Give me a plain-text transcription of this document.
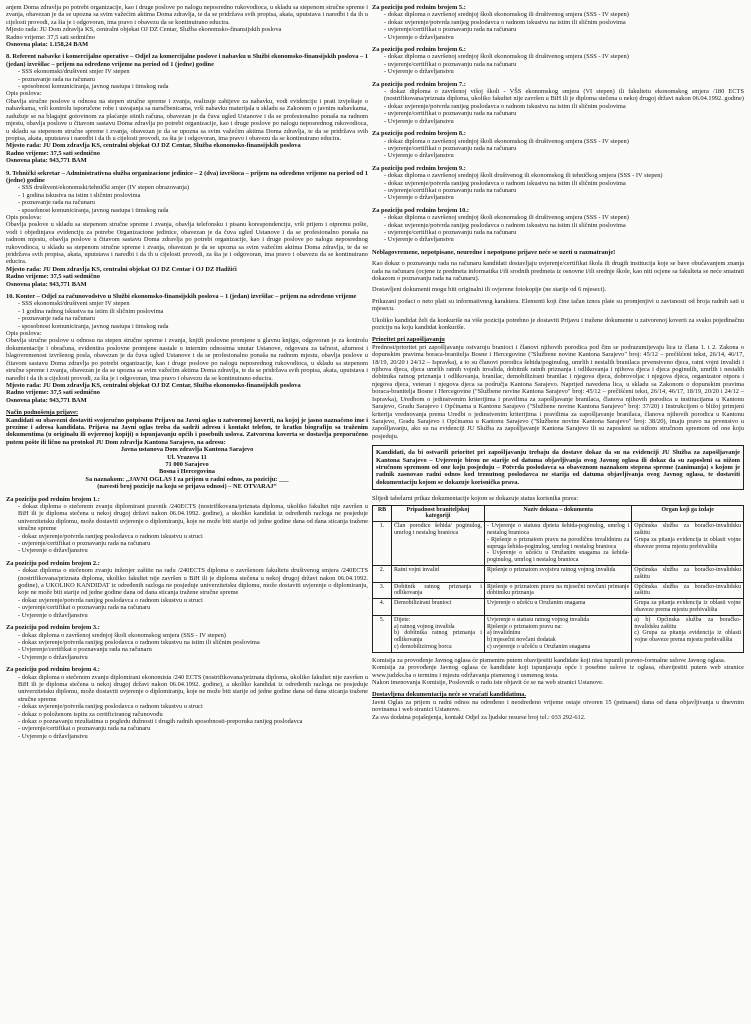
anjem Doma zdravlja po potrebi organizacije, kao i druge poslove po nalogu neposredno rukovodioca, u skladu sa stepenom stručne spreme i zvanja, obavezan je da se upozna sa svim važećim aktima Doma zdravlja, te da se pridržava svih propisa, akata, uputstava i naredbi i da ih u cijelosti provodi, za šta je i odgovoran, ima pravo i obavezu da se kontinuirano educira.

Mjesto rada: JU Dom zdravlja KS, centralni objekat OJ DZ Centar, Služba ekonomsko-finansijskih poslova

Radno vrijeme: 37,5 sati sedmično

Osnovna plata: 1.158,24 BAM

8. Referent nabavke i komercijalne operative – Odjel za komercijalne poslove i nabavku u Službi ekonomsko-finansijskih poslova – 1 (jedan) izvršilac – prijem na određeno vrijeme na period od 1 (jedne) godine

- SSS ekonomski/društveni smjer IV stepen
- poznavanje rada na računaru
- sposobnost komuniciranja, javnog nastupa i timskog rada

Opis poslova:

Obavlja stručne poslove u odnosu na stepen stručne spreme i zvanja, realizuje zahtjeve za nabavku, vodi evidenciju i prati izvještaje o nabavkama, vrši kontrolu isporučene robe i usvajanja sa naručbenicama, vrši nabavku materijala u skladu sa Zakonom o javnim nabavkama, zadužuje se na blagajni gotovinom za plaćanje sitnih računa, obavezan je da čuva ugled Ustanove i da se profesionalno ponaša na radnom mjestu, obavlja poslove u čitavom sastavu Doma zdravlja po potrebi organizacije, kao i druge poslove po nalogu neposrednog rukovodioca, u skladu sa stepenom stručne spreme i zvanja, obavezan je da se upozna sa svim važećim aktima Doma zdravlja, te da se pridržava svih propisa, akata, uputstava i naredbi i da ih u cijelosti provodi, za šta je i odgovoran, ima pravo i obavezu da se kontinuirano educira.

Mjesto rada: JU Dom zdravlja KS, centralni objekat OJ DZ Centar, Služba ekonomsko-finansijskih poslova

Radno vrijeme: 37,5 sati sedmično

Osnovna plata: 943,771 BAM

9. Tehnički sekretar – Administrativna služba organizacione jedinice – 2 (dva) izvršioca – prijem na određeno vrijeme na period od 1 (jedne) godine

- SSS društveni/ekonomski/tehnički smjer (IV stepen obrazovanja)
- 1 godina iskustva na istim i sličnim poslovima
- poznavanje rada na računaru
- sposobnost komuniciranja, javnog nastupa i timskog rada

Opis poslova:

Obavlja poslove u skladu sa stepenom stručne spreme i zvanja, obavlja telefonsku i pisanu korespondenciju, vrši prijem i otpremu pošte, vodi i objedinjava evidenciju za potrebe Organizacione jedinice, obavezan je da čuva ugled Ustanove i da se profesionalno ponaša na radnom mjestu, obavlja poslove u čitavom sastavu Doma zdravlja po potrebi organizacije, kao i druge poslove po nalogu neposrednog rukovodioca, u skladu sa stepenom stručne spreme i zvanja, obavezan je da se upozna sa svim važećim aktima Doma zdravlja, te da se pridržava svih propisa, akata, uputstava i naredbi i da ih u cijelosti provodi, za šta je i odgovoran, ima pravo i obavezu da se kontinuirano educira.

Mjesto rada: JU Dom zdravlja KS, centralni objekat OJ DZ Centar i OJ DZ Hadžići

Radno vrijeme: 37,5 sati sedmično

Osnovna plata: 943,771 BAM

10. Konter – Odjel za računovodstvo u Službi ekonomsko-finansijskih poslova – 1 (jedan) izvršilac – prijem na određeno vrijeme

- SSS ekonomski/društveni smjer IV stepen
- 1 godina radnog iskustva na istim ili sličnim poslovima
- poznavanje rada na računaru
- sposobnost komuniciranja, javnog nastupa i timskog rada

Opis poslova:

Obavlja stručne poslove u odnosu na stepen stručne spreme i zvanja, knjiži poslovne promjene u glavnu knjigu, odgovoran je za kontrolu dokumentacije i obračuna, evidentira poslovne promjene nastale u internim odnosima unutar Ustanove, odgovara za tačnost, ažurnost i blagovremenost izvršenog posla, obavezan je da čuva ugled Ustanove i da se profesionalno ponaša na radnom mjestu, obavlja poslove u čitavom sastavu Doma zdravlja po potrebi organizacije, kao i druge poslove po nalogu neposrednog rukovodioca, u skladu sa stepenom stručne spreme i zvanja, obavezan je da se upozna sa svim važećim aktima Doma zdravlja, te da se pridržava svih propisa, akata, uputstava i naredbi i da ih u cijelosti provodi, za šta je i odgovoran, ima pravo i obavezu da se kontinuirano educira.

Mjesto rada: JU Dom zdravlja KS, centralni objekat OJ DZ Centar, Služba ekonomsko-finansijskih poslova

Radno vrijeme: 37,5 sati sedmično

Osnovna plata: 943,771 BAM

Način podnošenja prijave:

Kandidati su obavezni dostaviti svojeručno potpisanu Prijavu na Javni oglas u zatvorenoj koverti, na kojoj je jasno naznačeno ime i prezime i adresa kandidata. Prijava na Javni oglas treba da sadrži adresu i kontakt telefon, te kratku biografiju sa traženim dokumentima (u originalu ili ovjerenoj kopiji) o ispunjavanju općih i posebnih uslova. Zatvorena koverta se dostavlja preporučeno putem pošte ili lično na protokol JU Dom zdravlja Kantona Sarajevo, na adresu:

Javna ustanova Dom zdravlja Kantona Sarajevo

Ul. Vrazova 11

71 000 Sarajevo

Bosna i Hercegovina

Sa naznakom: „JAVNI OGLAS I za prijem u radni odnos, za poziciju: ___

(navesti broj pozicije na koju se prijava odnosi) – NE OTVARAJ“

Za poziciju pod rednim brojem 1.:

- dokaz diploma o stečenom zvanju diplomirani pravnik /240ECTS (nostrifikovana/priznata diploma, ukoliko fakultet nije završen u BiH ili je diploma stečena u nekoj drugoj državi nakon 06.04.1992. godine), a ukoliko kandidat iz određenih razloga ne posjeduje univerzitetsku diplomu, može dostaviti uvjerenje o diplomiranju, koje ne može biti starije od jedne godine dana od dana sticanja tražene stručne spreme
- dokaz uvjerenje/potvrda ranijeg poslodavca o radnom iskustvu u struci
- uvjerenje/certifikat o poznavanju rada na računaru
- Uvjerenje o državljanstvu

Za poziciju pod rednim brojem 2.:

- dokaz diploma o stečenom zvanju inženjer zaštite na radu /240ECTS diploma o završenom fakultetu društvenog smjera /240ECTS (nostrifikovana/priznata diploma, ukoliko fakultet nije završen u BiH ili je diploma stečena u nekoj drugoj državi nakon 06.04.1992. godine), a UKOLIKO KANDIDAT iz određenih razloga ne posjeduje univerzitetsku diplomu, može dostaviti uvjerenje o diplomiranju, koje ne može biti starije od jedne godine dana od dana sticanja tražene stručne spreme
- dokaz uvjerenje/potvrda ranijeg poslodavca o radnom iskustvu u struci
- uvjerenje/certifikat o poznavanju rada na računaru
- Uvjerenje o državljanstvu

Za poziciju pod rednim brojem 3.:

- dokaz diploma o završenoj srednjoj školi ekonomskog smjera (SSS - IV stepen)
- dokaz uvjerenje/potvrda ranijeg poslodavca o radnom iskustvu na istim ili sličnim poslovima
- Uvjerenje/certifikat o poznavanju rada na računaru
- Uvjerenje o državljanstvu

Za poziciju pod rednim brojem 4.:

- dokaz diploma o stečenom zvanju diplomirani ekonomista /240 ECTS (nostrifikovana/priznata diploma, ukoliko fakultet nije završen u BiH ili je diploma stečena u nekoj drugoj državi nakon 06.04.1992. godine), a ukoliko kandidat iz određenih razloga ne posjeduje univerzitetsku diplomu, može dostaviti uvjerenje o diplomiranju, koje ne može biti starije od jedne godine dana od dana sticanja tražene stručne spreme
- dokaz uvjerenje/potvrda ranijeg poslodavca o radnom iskustvu u struci
- dokaz o položenom ispitu za certificiranog računovođu
- dokaz o poznavanju rezultatima u pogledu dužnosti i drugih radnih sposobnosti-preporuka ranijeg poslodavca
- uvjerenje/certifikat o poznavanju rada na računaru
- Uvjerenje o državljanstvu

Za poziciju pod rednim brojem 5.:

- dokaz diploma o završenoj srednjoj školi ekonomskog ili društvenog smjera (SSS - IV stepen)
- dokaz uvjerenje/potvrda ranijeg poslodavca o radnom iskustvu na istim ili sličnim poslovima
- uvjerenje/certifikat o poznavanju rada na računaru
- Uvjerenje o državljanstvu

Za poziciju pod rednim brojem 6.:

- dokaz diploma o završenoj srednjoj školi ekonomskog ili društvenog smjera (SSS - IV stepen)
- uvjerenje/certifikat o poznavanju rada na računaru
- Uvjerenje o državljanstvu

Za poziciju pod rednim brojem 7.:

- dokaz diploma o završenoj višoj školi - VŠS ekonomskog smjera (VI stepen) ili fakultetu ekonomskog smjera /180 ECTS (nostrifikovana/priznata diploma, ukoliko fakultet nije završen u BiH ili je diploma stečena u nekoj drugoj državi nakon 06.04.1992. godine)
- dokaz uvjerenje/potvrda ranijeg poslodavca o radnom iskustvu na istim ili sličnim poslovima
- uvjerenje/certifikat o poznavanju rada na računaru
- Uvjerenje o državljanstvu

Za poziciju pod rednim brojem 8.:

- dokaz diploma o završenoj srednjoj školi ekonomskog ili društvenog smjera (SSS - IV stepen)
- uvjerenje/certifikat o poznavanju rada na računaru
- Uvjerenje o državljanstvu

Za poziciju pod rednim brojem 9.:

- dokaz diploma o završenoj srednjoj školi društvenog ili ekonomskog ili tehničkog smjera (SSS - IV stepen)
- dokaz uvjerenje/potvrda ranijeg poslodavca o radnom iskustvu na istim ili sličnim poslovima
- uvjerenje/certifikat o poznavanju rada na računaru
- Uvjerenje o državljanstvu

Za poziciju pod rednim brojem 10.:

- dokaz diploma o završenoj srednjoj školi ekonomskog ili društvenog smjera (SSS - IV stepen)
- dokaz uvjerenje/potvrda ranijeg poslodavca o radnom iskustvu na istim ili sličnim poslovima
- uvjerenje/certifikat o poznavanju rada na računaru
- Uvjerenje o državljanstvu

Neblagovremene, nepotpisane, neuredne i nepotpune prijave neće se uzeti u razmatranje!

Kao dokaz o poznavanju rada na računaru kandidati dostavljaju uvjerenje/certifikat škola ili drugih institucija koje se bave obučavanjem znanja rada na računaru (ocjene iz predmeta informatika i/ili srodnih predmeta iz osnovne i/ili srednje škole, kao niti ocjene sa fakulteta se neće smatrati dokazom o poznavanju rada na računaru).

Dostavljeni dokumenti mogu biti originalni ili ovjerene fotokopije (ne starije od 6 mjeseci).

Prikazani podaci o neto plati su informativnog karaktera. Elementi koji čine tačan iznos plate su promjenjivi u zavisnosti od broja radnih sati u mjesecu.

Ukoliko kandidat želi da konkuriše na više pozicija potrebno je dostaviti Prijavu i tražene dokumente u zatvorenoj koverti za svaku pojedinačnu poziciju na koju kandidat konkuriše.

Prioritet pri zapošljavanju

Prednost/prioritet pri zapošljavanju ostvaruju branioci i članovi njihovih porodica pod čim se podrazumijevaju lica iz člana 1. i 2. Zakona o dopunskim pravima boraca-branitelja Bosne i Hercegovine ("Službene novine Kantona Sarajevo" broj: 45/12 – prečišćeni tekst, 26/14, 46/17, 18/19, 20/20 i 24/12 – Ispravka), a to su članovi porodica šehida/poginulog, umrlih i nestalih branilaca prvenstveno djeca, ratni vojni invalidi i njihova djeca, djeca umrlih ratnih vojnih invalida, dobitnik ratnih priznanja i odlikovanja i njihova djeca i djeca poginulih, umrlih i nestalih dobitnika ratnog priznanja i odlikovanja, branilac, demobilizirani branilac i njegova djeca, dobrovoljac i njegova djeca, organizator otpora i njegova djeca, veteran i njegova djeca sa područja Kantona Sarajevo. Naprijed navedena lica, u skladu sa Zakonom o dopunskim pravima boraca-branitelja Bosne i Hercegovine ("Službene novine Kantona Sarajevo" broj: 45/12 – prečišćeni tekst, 26/14, 46/17, 18/19, 20/20 i 24/12 – Ispravka), Uredbom o jedinstvenim kriterijima i pravilima za zapošljavanje branilaca, članova njihovih porodica u institucijama u Kantonu Sarajevo, Gradu Sarajevo i Općinama u Kantonu Sarajevo ("Službene novine Kantona Sarajevo" broj: 37/20) i Instrukcijom o bližoj primjeni kriterija vrednovanja prema Uredbi o jedinstvenim kriterijima i pravilima za zapošljavanje branilaca, članova njihovih porodica u Kantonu Sarajevo, Gradu Sarajevo i Općinama u Kantonu Sarajevo ("Službene novine Kantona Sarajevo" broj: 38/20), imaju pravo na prvenstvo u zapošljavanju, ako su na evidenciji JU Služba za zapošljavanje Kantona Sarajevo ili su zaposleni sa nižom stručnom spremom od one koju posjeduju.

Kandidati, da bi ostvarili prioritet pri zapošljavanju trebaju da dostave dokaz da su na evidenciji JU Služba za zapošljavanje Kantona Sarajevo – Uvjerenje birou ne starije od datuma objavljivanja ovog Javnog oglasa ili dokaz da su zaposleni sa nižom stručnom spremom od one koju posjeduju – Potvrda poslodavca sa obaveznom naznakom stepena spreme (zanimanja) s kojom je radnik zasnovao radni odnos kod trenutnog poslodavca ne starija od datuma objavljivanja ovog Javnog oglasa, te dostaviti dokumentaciju kojom se dokazuje korisnička prava.

Slijedi tabelarni prikaz dokumentacije kojom se dokazuje status korisnika prava:

RB	Pripadnost braniteljskoj kategoriji	Naziv dokaza – dokumenta	Organ koji ga izdaje
1.	Član porodice šehida/ poginulog, umrlog i nestalog branioca	- Uvjerenje o statusu djeteta šehida-poginulog, umrlog i nestalog branioca
- Rješenje o priznatom pravu na porodičnu invalidninu za supruga šehida-poginulog, umrlog i nestalog branioca
- Uvjerenje o učešću u Oružanim snagama za šehida-poginulog, umrlog i nestalog branioca	Općinska služba za boračko-invalidsku zaštitu
Grupa za pitanja evidencija iz oblasti vojne obaveze prema mjestu prebivališta
2.	Ratni vojni invalid	Rješenje o priznatom svojstvu ratnog vojnog invalida	Općinska služba za boračko-invalidsku zaštitu
3.	Dobitnik ratnog priznanja i odlikovanja	Rješenje o priznatom pravu na mjesečni novčani primanje dobitniku priznanja	Općinska služba za boračko-invalidsku zaštitu
4.	Demobilizirani branioci	Uvjerenje o učešću u Oružanim snagama	Grupa za pitanja evidencija iz oblasti vojne obaveze prema mjestu prebivališta
5.	Dijete:
a) ratnog vojnog invalida
b) dobitnika ratnog priznanja i odlikovanja
c) demobilizirnog borca	Uvjerenje o statusu ratnog vojnog invalida
Rješenje o priznatom pravu na:
a) invalidninu
b) mjesečni novčani dodatak
c) uvjerenje o učešću u Oružanim snagama	a) b) Općinska služba za boračko-invalidsku zaštitu
c) Grupa za pitanja evidencija iz oblasti vojne obaveze prema mjestu prebivališta

Komisija za provođenje Javnog oglasa će pismenim putem obavijestiti kandidate koji nisu ispunili pravno-formalne uslove Javnog oglasa.

Komisija za provođenje Javnog oglasa će kandidate koji ispunjavaju opće i posebne uslove iz oglasa, obavijestiti putem web stranice www.judzks.ba o terminu i mjestu održavanja pismenog i usmenog testa.

Nakon imenovanja Komisije, Poslovnik o radu iste objavit će se na web stranici Ustanove.

Dostavljena dokumentacija neće se vraćati kandidatima.

Javni Oglas za prijem u radni odnos na određeno i neodređeno vrijeme ostaje otvoren 15 (petnaest) dana od dana objavljivanja u dnevnim novinama i web stranici Ustanove.

Za sva dodatna pojašnjenja, kontakt Odjel za ljudske resurse broj tel.: 033 292-612.
